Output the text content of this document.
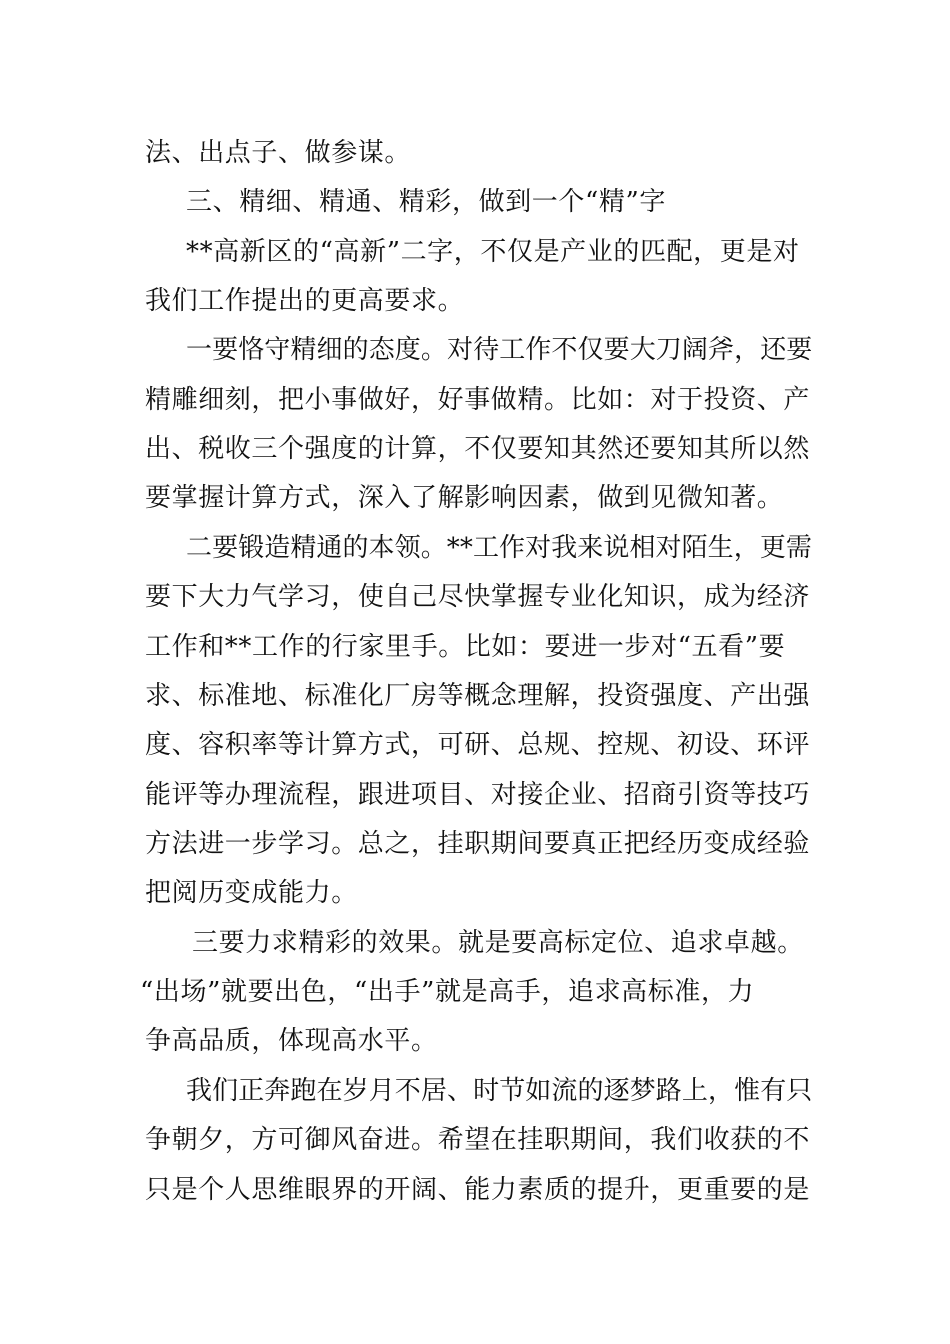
法、出点子、做参谋。

三、精细、精通、精彩，做到一个“精”字

**高新区的“高新”二字，不仅是产业的匹配，更是对

我们工作提出的更高要求。

一要恪守精细的态度。对待工作不仅要大刀阔斧，还要

精雕细刻，把小事做好，好事做精。比如：对于投资、产

出、税收三个强度的计算，不仅要知其然还要知其所以然

要掌握计算方式，深入了解影响因素，做到见微知著。

二要锻造精通的本领。**工作对我来说相对陌生，更需

要下大力气学习，使自己尽快掌握专业化知识，成为经济

工作和**工作的行家里手。比如：要进一步对“五看”要

求、标准地、标准化厂房等概念理解，投资强度、产出强

度、容积率等计算方式，可研、总规、控规、初设、环评

能评等办理流程，跟进项目、对接企业、招商引资等技巧

方法进一步学习。总之，挂职期间要真正把经历变成经验

把阅历变成能力。

三要力求精彩的效果。就是要高标定位、追求卓越。

“出场”就要出色，“出手”就是高手，追求高标准，力

争高品质，体现高水平。

我们正奔跑在岁月不居、时节如流的逐梦路上，惟有只

争朝夕，方可御风奋进。希望在挂职期间，我们收获的不

只是个人思维眼界的开阔、能力素质的提升，更重要的是
